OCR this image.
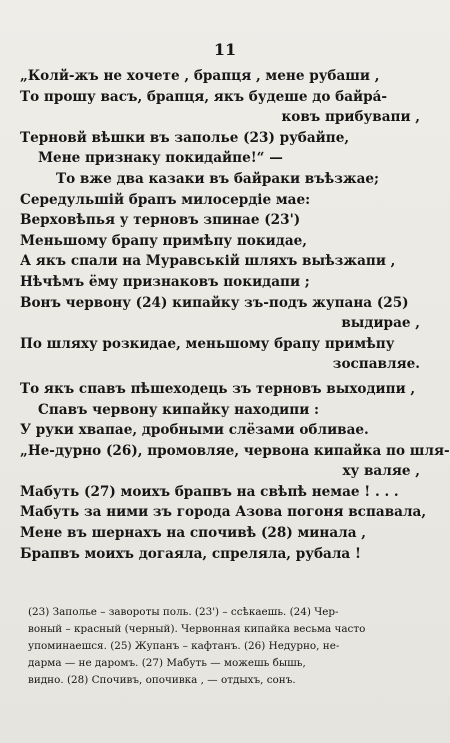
11
„Колй-жъ не хочете , брапця , мене рубаши ,
То прошу васъ, брапця, якъ будеше до байра́-
ковъ прибувапи ,
Терновй вѣшки въ заполье (23) рубайпе,
Мене признаку покидайпе!“ —
То вже два казаки въ байраки въѣзжае;
Середульшій брапъ милосердіе мае:
Верховѣпья у терновъ зпинае (23')
Меньшому брапу примѣпу покидае,
А якъ спали на Муравськiй шляхъ выѣзжапи ,
Нѣчѣмъ ёму признаковъ покидапи ;
Вонъ червону (24) кипайку зъ-подъ жупана (25)
выдирае ,
По шляху розкидае, меньшому брапу примѣпу
зоспавляе.
То якъ спавъ пѣшеходець зъ терновъ выходипи ,
Спавъ червону кипайку находипи :
У руки хвапае, дробными слёзами обливае.
„Не-дурно (26), промовляе, червона кипайка по шля-
ху валяе ,
Мабуть (27) моихъ брапвъ на свѣпѣ немае ! . . .
Мабуть за ними зъ города Азова погоня вспавала,
Мене въ шернахъ на спочивѣ (28) минала ,
Брапвъ моихъ догаяла, спреляла, рубала !
(23) Заполье – завороты поль. (23') – ссѣкаешь. (24) Чер-
воный – красный (черный). Червонная кипайка весьма часто
упоминаешся. (25) Жупанъ – кафтанъ. (26) Недурно, не-
дарма — не даромъ. (27) Мабуть — можешь бышь,
видно. (28) Спочивъ, опочивка , — отдыхъ, сонъ.
